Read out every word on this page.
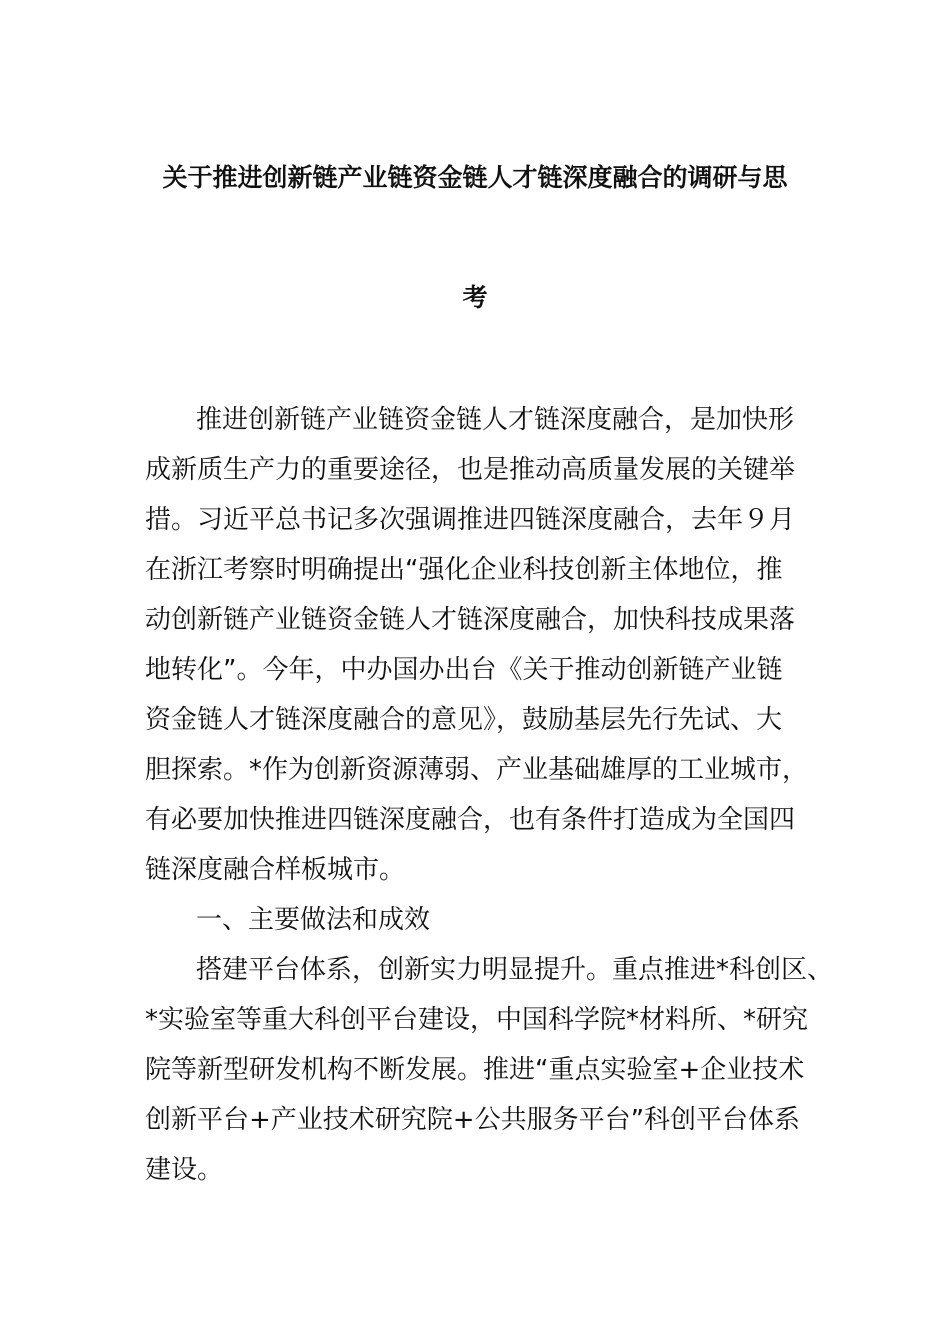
关于推进创新链产业链资金链人才链深度融合的调研与思
考
推进创新链产业链资金链人才链深度融合，是加快形
成新质生产力的重要途径，也是推动高质量发展的关键举
措。习近平总书记多次强调推进四链深度融合，去年９月
在浙江考察时明确提出“强化企业科技创新主体地位，推
动创新链产业链资金链人才链深度融合，加快科技成果落
地转化”。今年，中办国办出台《关于推动创新链产业链
资金链人才链深度融合的意见》，鼓励基层先行先试、大
胆探索。*作为创新资源薄弱、产业基础雄厚的工业城市，
有必要加快推进四链深度融合，也有条件打造成为全国四
链深度融合样板城市。
一、主要做法和成效
搭建平台体系，创新实力明显提升。重点推进*科创区、
*实验室等重大科创平台建设，中国科学院*材料所、*研究
院等新型研发机构不断发展。推进“重点实验室+企业技术
创新平台+产业技术研究院+公共服务平台”科创平台体系
建设。
